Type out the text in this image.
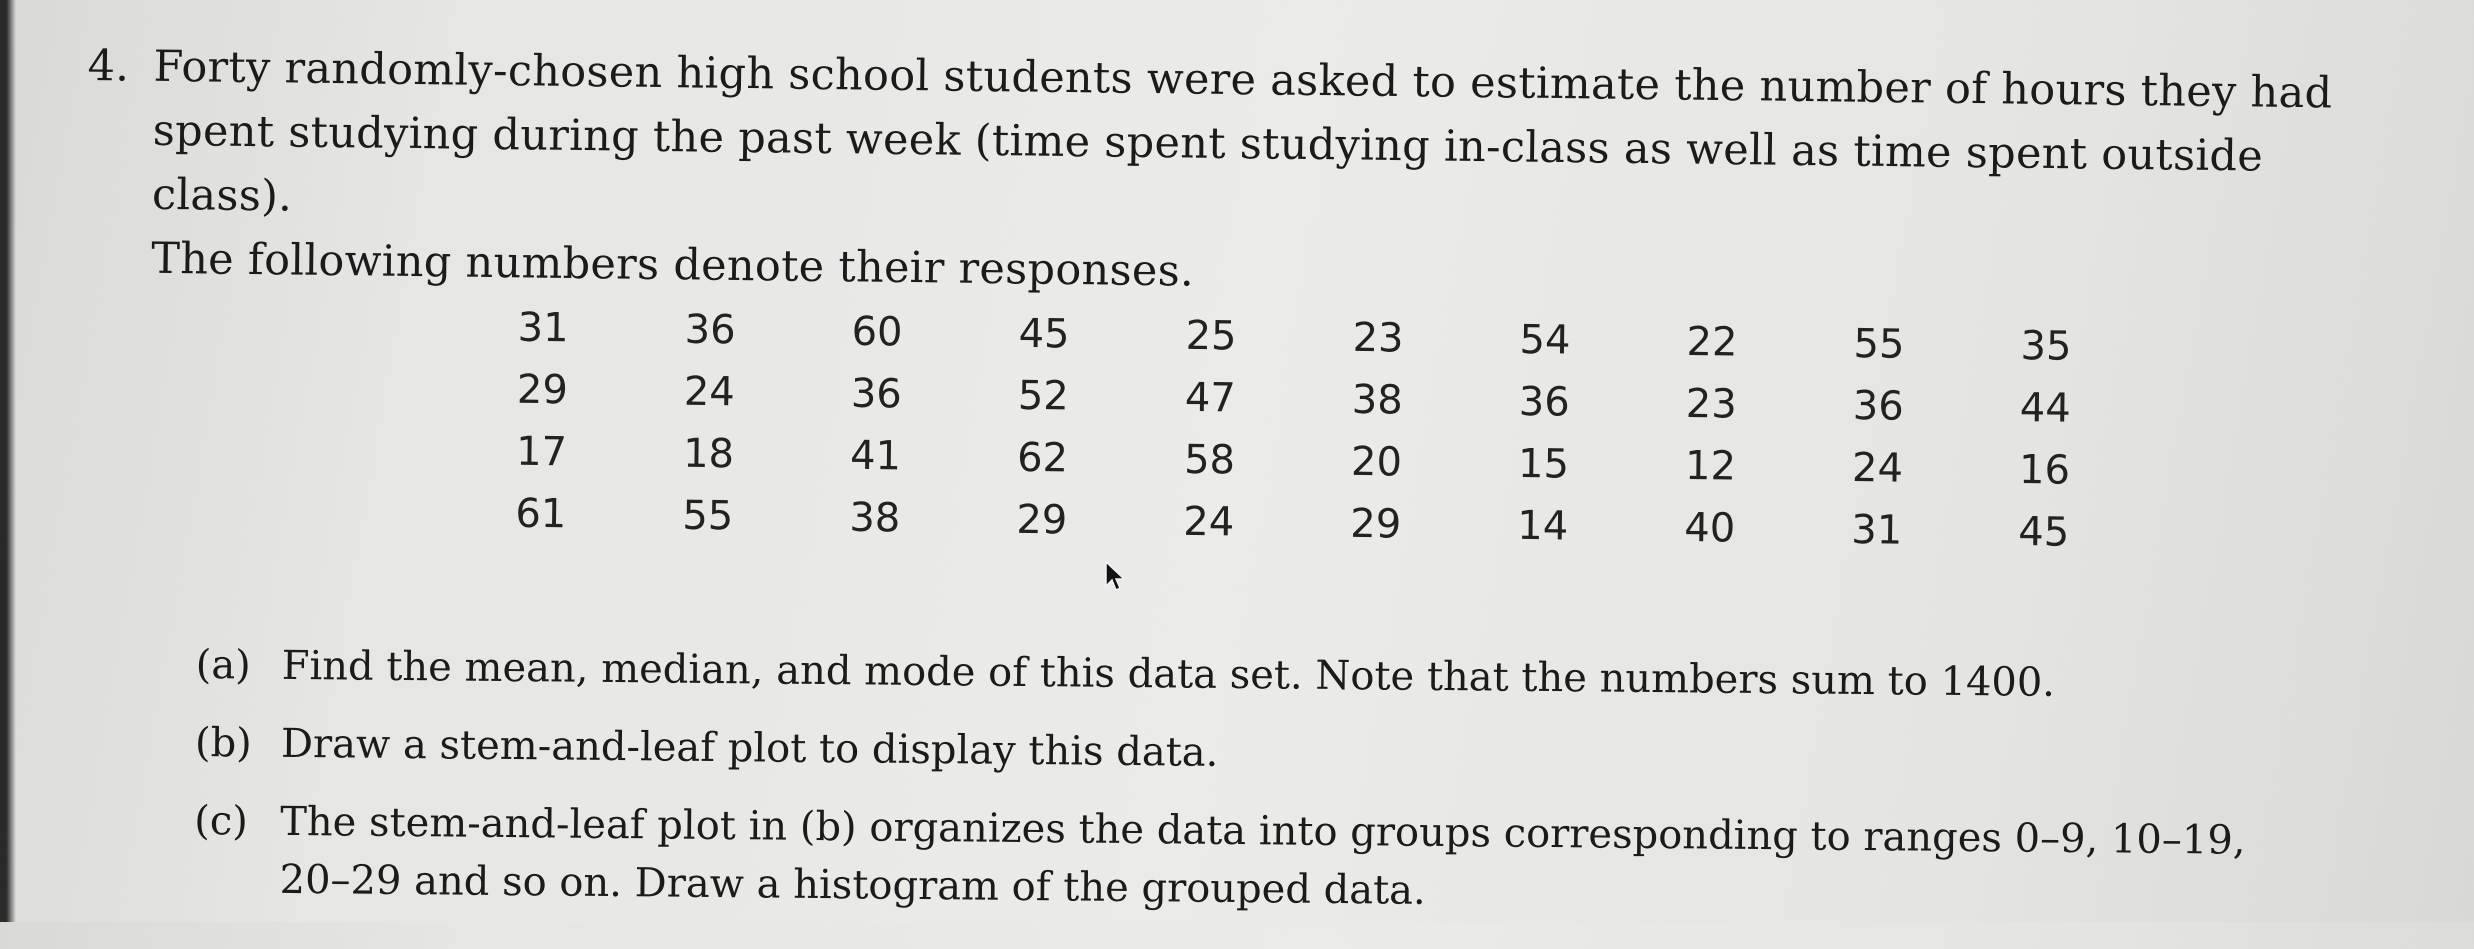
4. Forty randomly-chosen high school students were asked to estimate the number of hours they had
spent studying during the past week (time spent studying in-class as well as time spent outside class).
The following numbers denote their responses.
31	36	60	45	25	23	54	22	55	35
29	24	36	52	47	38	36	23	36	44
17	18	41	62	58	20	15	12	24	16
61	55	38	29	24	29	14	40	31	45
(a) Find the mean, median, and mode of this data set. Note that the numbers sum to 1400.
(b) Draw a stem-and-leaf plot to display this data.
(c) The stem-and-leaf plot in (b) organizes the data into groups corresponding to ranges 0–9, 10–19,
20–29 and so on. Draw a histogram of the grouped data.
